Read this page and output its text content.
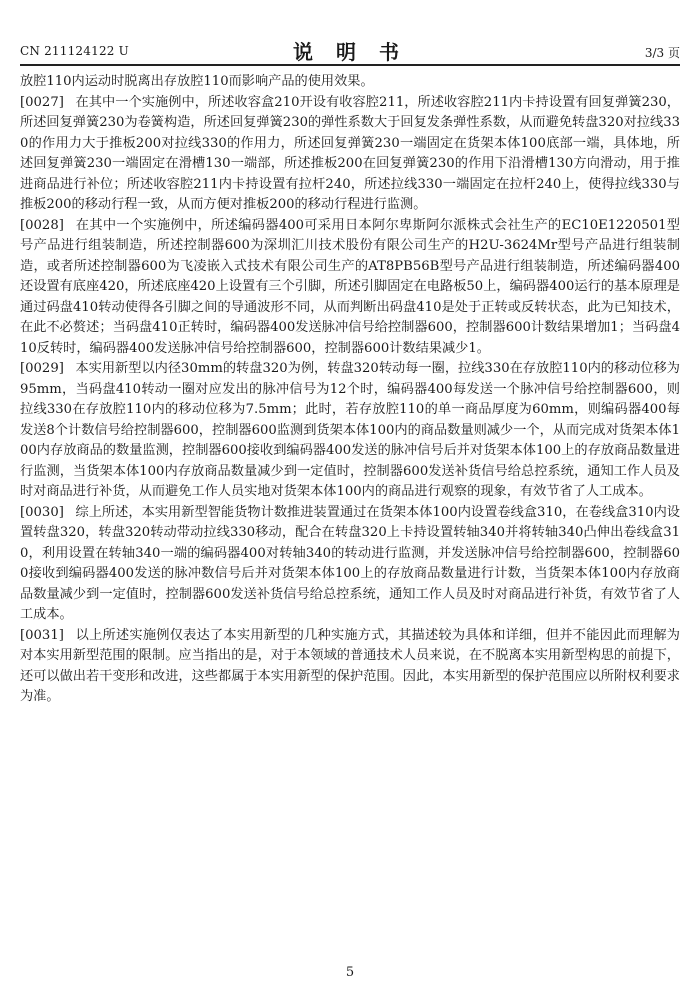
CN 211124122 U	说 明 书	3/3 页

放腔110内运动时脱离出存放腔110而影响产品的使用效果。

[0027] 在其中一个实施例中，所述收容盒210开设有收容腔211，所述收容腔211内卡持设置有回复弹簧230，所述回复弹簧230为卷簧构造，所述回复弹簧230的弹性系数大于回复发条弹性系数，从而避免转盘320对拉线330的作用力大于推板200对拉线330的作用力，所述回复弹簧230一端固定在货架本体100底部一端，具体地，所述回复弹簧230一端固定在滑槽130一端部，所述推板200在回复弹簧230的作用下沿滑槽130方向滑动，用于推进商品进行补位；所述收容腔211内卡持设置有拉杆240，所述拉线330一端固定在拉杆240上，使得拉线330与推板200的移动行程一致，从而方便对推板200的移动行程进行监测。

[0028] 在其中一个实施例中，所述编码器400可采用日本阿尔卑斯阿尔派株式会社生产的EC10E1220501型号产品进行组装制造，所述控制器600为深圳汇川技术股份有限公司生产的H2U-3624Mr型号产品进行组装制造，或者所述控制器600为飞凌嵌入式技术有限公司生产的AT8PB56B型号产品进行组装制造，所述编码器400还设置有底座420，所述底座420上设置有三个引脚，所述引脚固定在电路板50上，编码器400运行的基本原理是通过码盘410转动使得各引脚之间的导通波形不同，从而判断出码盘410是处于正转或反转状态，此为已知技术，在此不必赘述；当码盘410正转时，编码器400发送脉冲信号给控制器600，控制器600计数结果增加1；当码盘410反转时，编码器400发送脉冲信号给控制器600，控制器600计数结果减少1。

[0029] 本实用新型以内径30mm的转盘320为例，转盘320转动每一圈，拉线330在存放腔110内的移动位移为95mm，当码盘410转动一圈对应发出的脉冲信号为12个时，编码器400每发送一个脉冲信号给控制器600，则拉线330在存放腔110内的移动位移为7.5mm；此时，若存放腔110的单一商品厚度为60mm，则编码器400每发送8个计数信号给控制器600，控制器600监测到货架本体100内的商品数量则减少一个，从而完成对货架本体100内存放商品的数量监测，控制器600接收到编码器400发送的脉冲信号后并对货架本体100上的存放商品数量进行监测，当货架本体100内存放商品数量减少到一定值时，控制器600发送补货信号给总控系统，通知工作人员及时对商品进行补货，从而避免工作人员实地对货架本体100内的商品进行观察的现象，有效节省了人工成本。

[0030] 综上所述，本实用新型智能货物计数推进装置通过在货架本体100内设置卷线盒310，在卷线盒310内设置转盘320，转盘320转动带动拉线330移动，配合在转盘320上卡持设置转轴340并将转轴340凸伸出卷线盒310，利用设置在转轴340一端的编码器400对转轴340的转动进行监测，并发送脉冲信号给控制器600，控制器600接收到编码器400发送的脉冲数信号后并对货架本体100上的存放商品数量进行计数，当货架本体100内存放商品数量减少到一定值时，控制器600发送补货信号给总控系统，通知工作人员及时对商品进行补货，有效节省了人工成本。

[0031] 以上所述实施例仅表达了本实用新型的几种实施方式，其描述较为具体和详细，但并不能因此而理解为对本实用新型范围的限制。应当指出的是，对于本领域的普通技术人员来说，在不脱离本实用新型构思的前提下，还可以做出若干变形和改进，这些都属于本实用新型的保护范围。因此，本实用新型的保护范围应以所附权利要求为准。

5
